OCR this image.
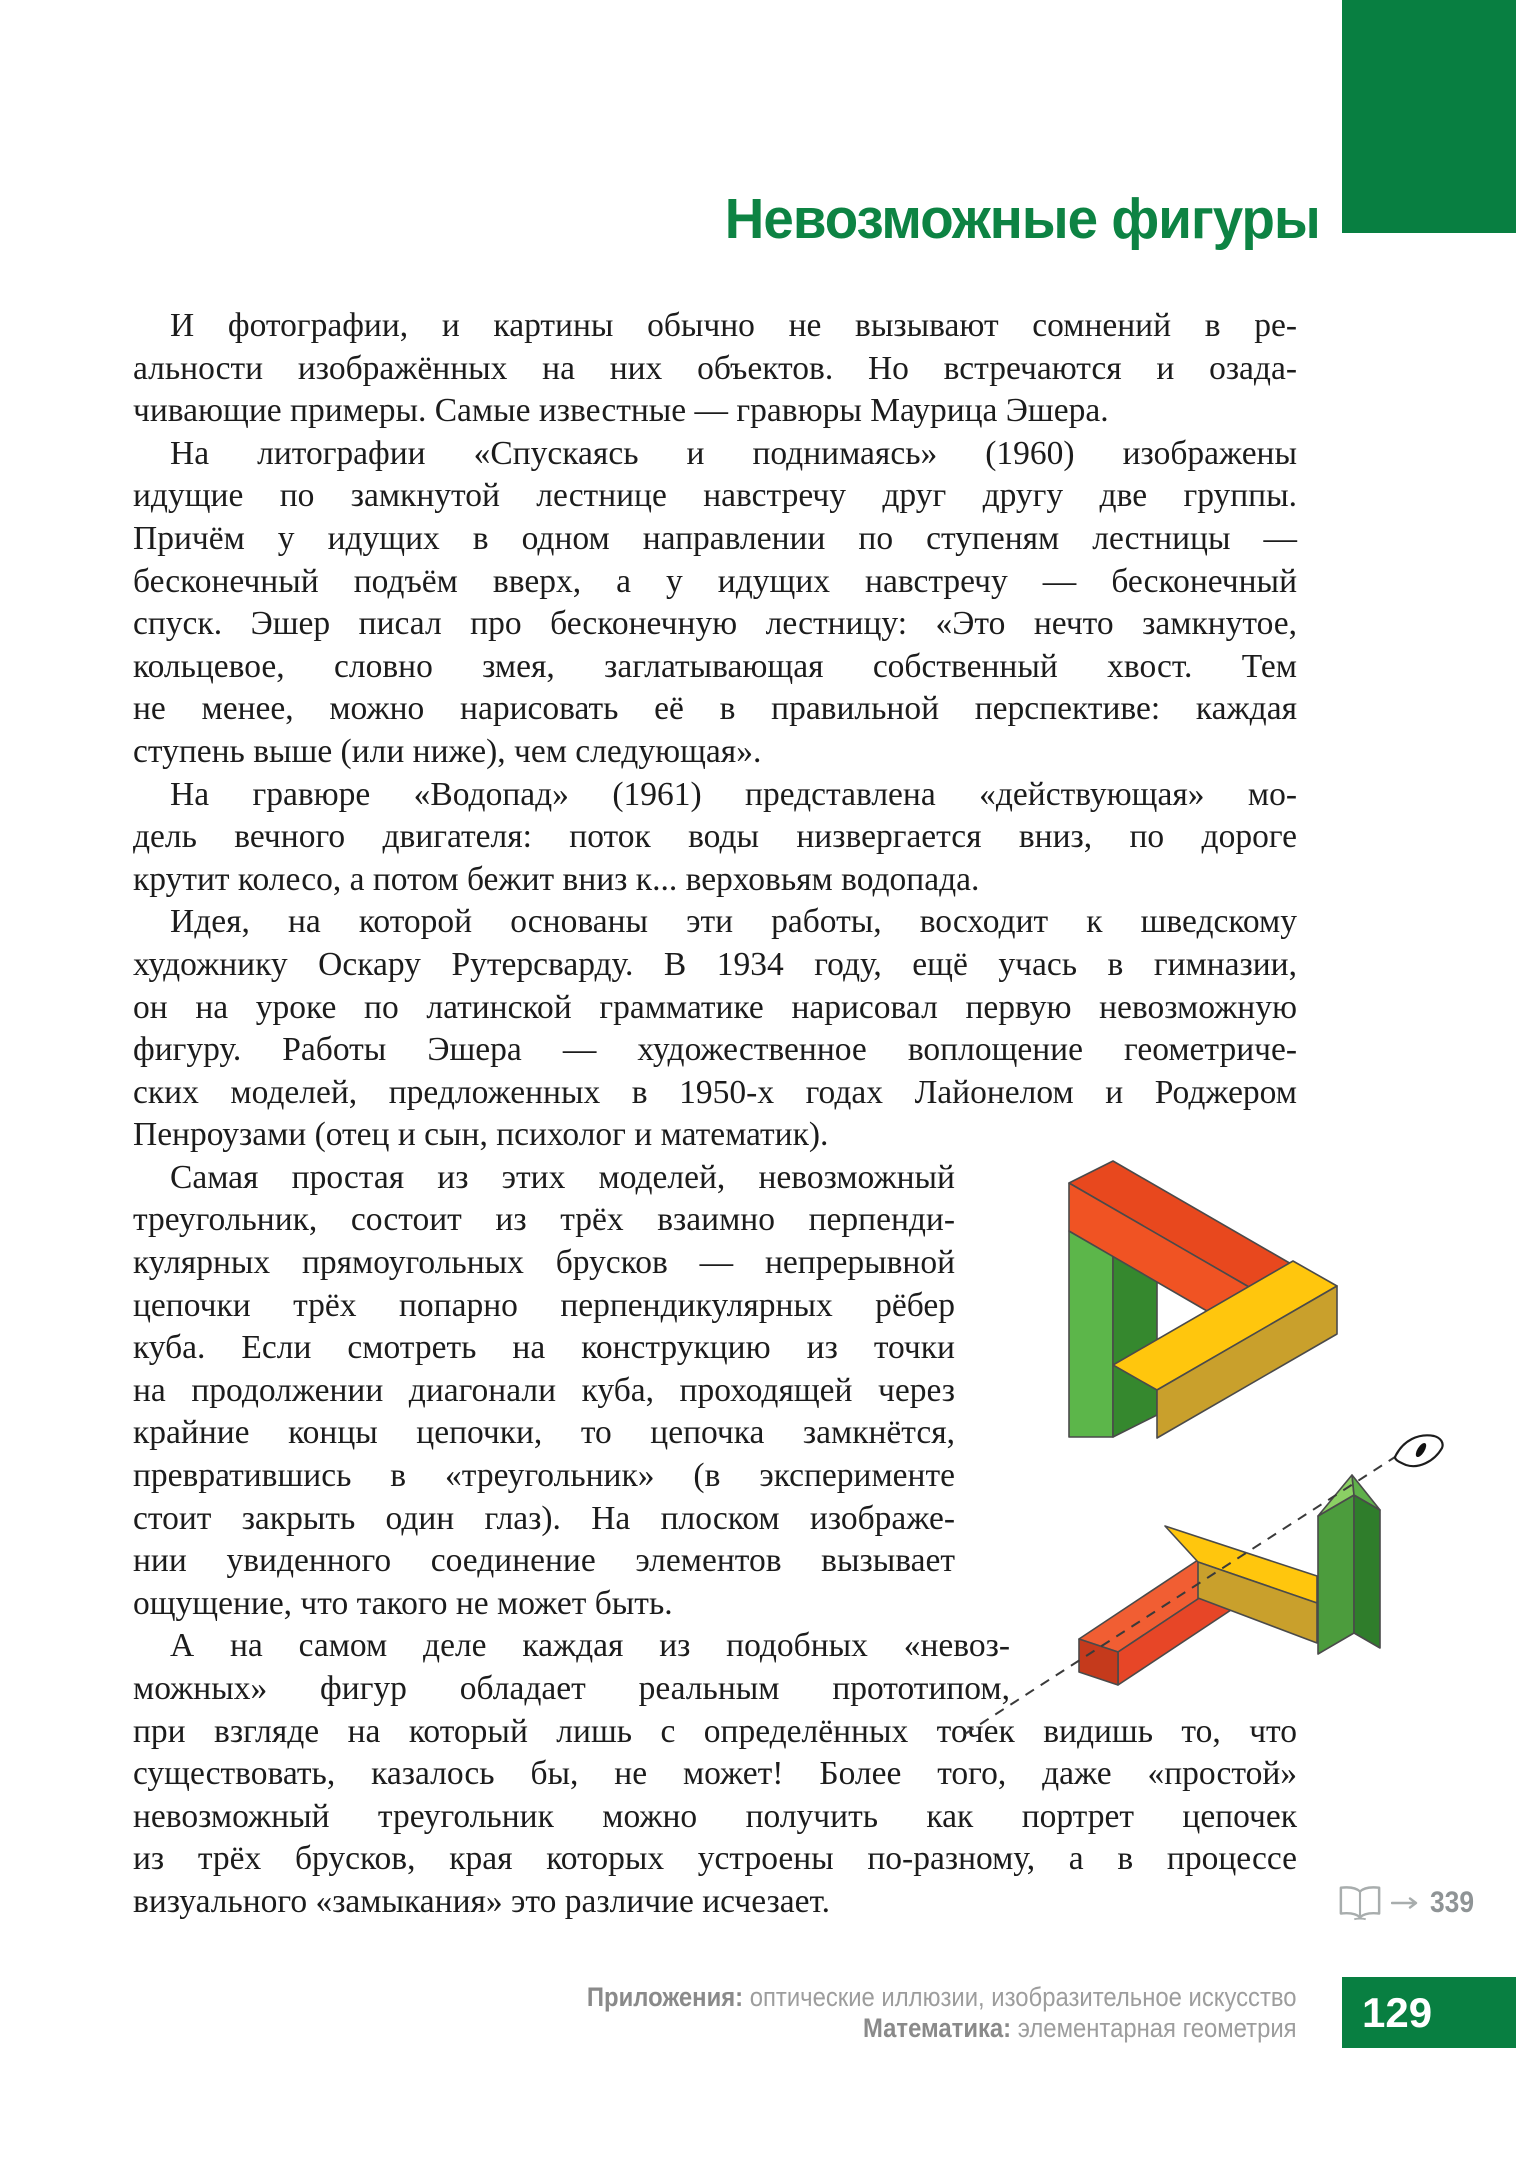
Невозможные фигуры
И фотографии, и картины обычно не вызывают сомнений в ре-
альности изображённых на них объектов. Но встречаются и озада-
чивающие примеры. Самые известные — гравюры Маурица Эшера.
На литографии «Спускаясь и поднимаясь» (1960) изображены
идущие по замкнутой лестнице навстречу друг другу две группы.
Причём у идущих в одном направлении по ступеням лестницы —
бесконечный подъём вверх, а у идущих навстречу — бесконечный
спуск. Эшер писал про бесконечную лестницу: «Это нечто замкнутое,
кольцевое, словно змея, заглатывающая собственный хвост. Тем
не менее, можно нарисовать её в правильной перспективе: каждая
ступень выше (или ниже), чем следующая».
На гравюре «Водопад» (1961) представлена «действующая» мо-
дель вечного двигателя: поток воды низвергается вниз, по дороге
крутит колесо, а потом бежит вниз к... верховьям водопада.
Идея, на которой основаны эти работы, восходит к шведскому
художнику Оскару Рутерсварду. В 1934 году, ещё учась в гимназии,
он на уроке по латинской грамматике нарисовал первую невозможную
фигуру. Работы Эшера — художественное воплощение геометриче-
ских моделей, предложенных в 1950-х годах Лайонелом и Роджером
Пенроузами (отец и сын, психолог и математик).
Самая простая из этих моделей, невозможный
треугольник, состоит из трёх взаимно перпенди-
кулярных прямоугольных брусков — непрерывной
цепочки трёх попарно перпендикулярных рёбер
куба. Если смотреть на конструкцию из точки
на продолжении диагонали куба, проходящей через
крайние концы цепочки, то цепочка замкнётся,
превратившись в «треугольник» (в эксперименте
стоит закрыть один глаз). На плоском изображе-
нии увиденного соединение элементов вызывает
ощущение, что такого не может быть.
А на самом деле каждая из подобных «невоз-
можных» фигур обладает реальным прототипом,
при взгляде на который лишь с определённых точек видишь то, что
существовать, казалось бы, не может! Более того, даже «простой»
невозможный треугольник можно получить как портрет цепочек
из трёх брусков, края которых устроены по-разному, а в процессе
визуального «замыкания» это различие исчезает.
Приложения: оптические иллюзии, изобразительное искусство
Математика: элементарная геометрия
339
129
